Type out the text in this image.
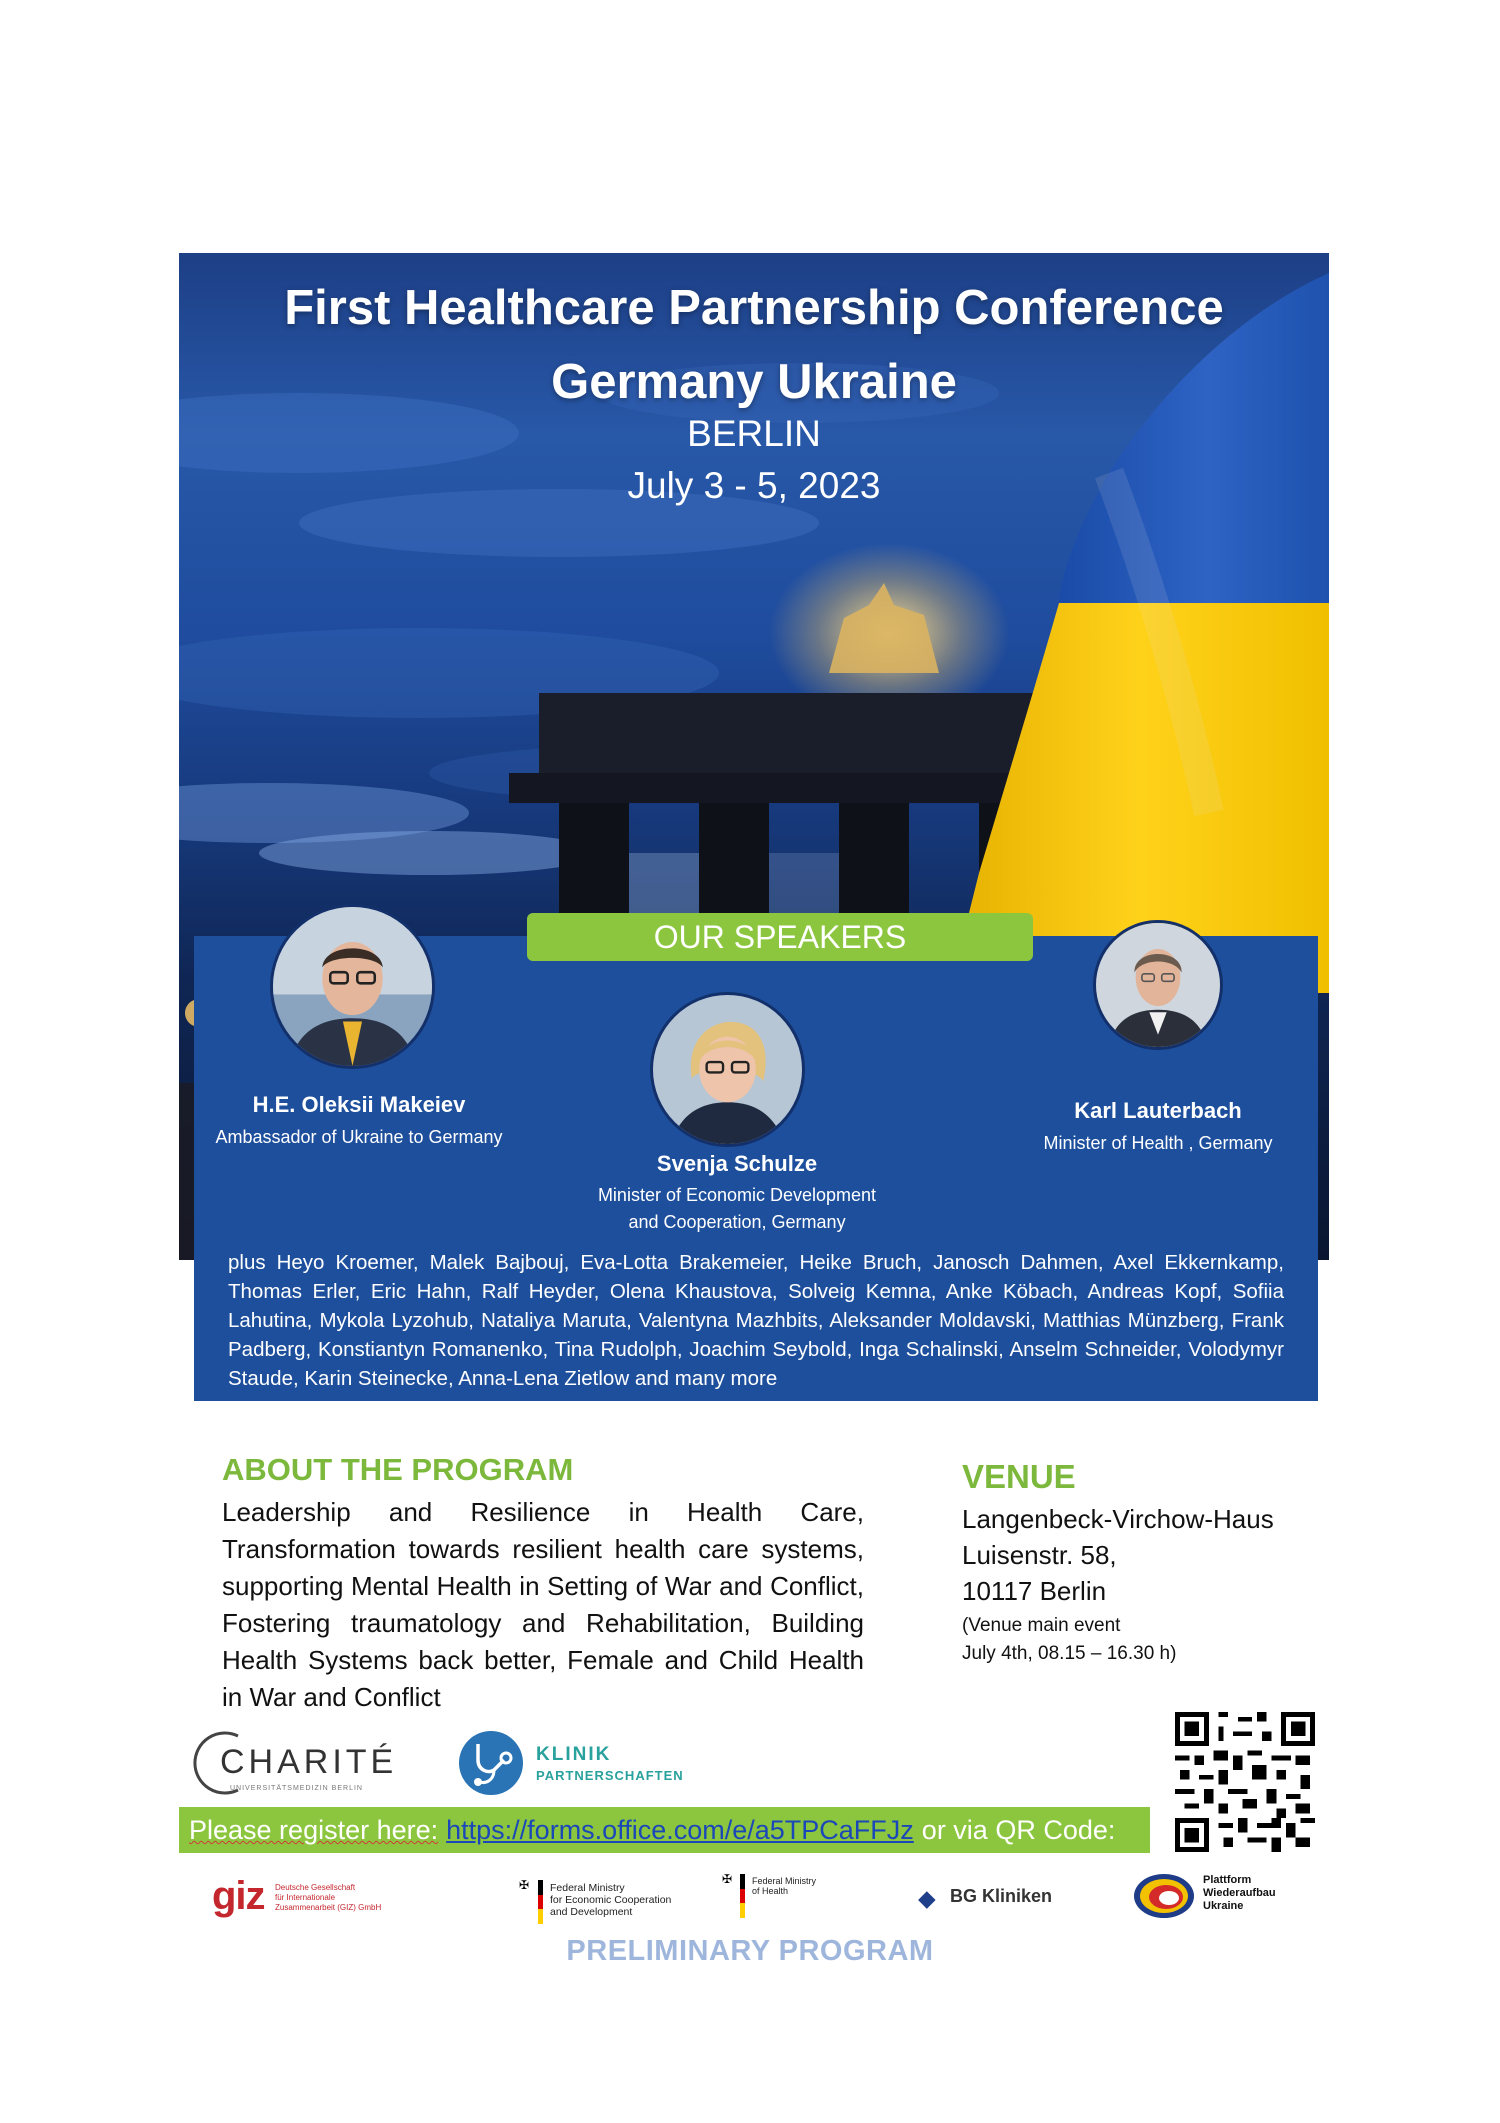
First Healthcare Partnership Conference
Germany Ukraine
BERLIN
July 3 - 5, 2023
OUR SPEAKERS
H.E. Oleksii Makeiev
Ambassador of Ukraine to Germany
Svenja Schulze
Minister of Economic Development
and Cooperation, Germany
Karl Lauterbach
Minister of Health , Germany
plus Heyo Kroemer, Malek Bajbouj, Eva-Lotta Brakemeier, Heike Bruch, Janosch Dahmen, Axel Ekkernkamp, Thomas Erler, Eric Hahn, Ralf Heyder, Olena Khaustova, Solveig Kemna, Anke Köbach, Andreas Kopf, Sofiia Lahutina, Mykola Lyzohub, Nataliya Maruta, Valentyna Mazhbits, Aleksander Moldavski, Matthias Münzberg, Frank Padberg, Konstiantyn Romanenko, Tina Rudolph, Joachim Seybold, Inga Schalinski, Anselm Schneider, Volodymyr Staude, Karin Steinecke, Anna-Lena Zietlow and many more
ABOUT THE PROGRAM
Leadership and Resilience in Health Care, Transformation towards resilient health care systems, supporting Mental Health in Setting of War and Conflict, Fostering traumatology and Rehabilitation, Building Health Systems back better, Female and Child Health in War and Conflict
VENUE
Langenbeck-Virchow-Haus
Luisenstr. 58,
10117 Berlin
(Venue main event
July 4th, 08.15 – 16.30 h)
CHARITÉ
UNIVERSITÄTSMEDIZIN BERLIN
KLINIK
PARTNERSCHAFTEN
Please register here: https://forms.office.com/e/a5TPCaFFJz or via QR Code:
giz Deutsche Gesellschaft
für Internationale
Zusammenarbeit (GIZ) GmbH
✠ Federal Ministry
for Economic Cooperation
and Development
✠ Federal Ministry
of Health	◆ BG Kliniken
Plattform
Wiederaufbau
Ukraine
PRELIMINARY PROGRAM
